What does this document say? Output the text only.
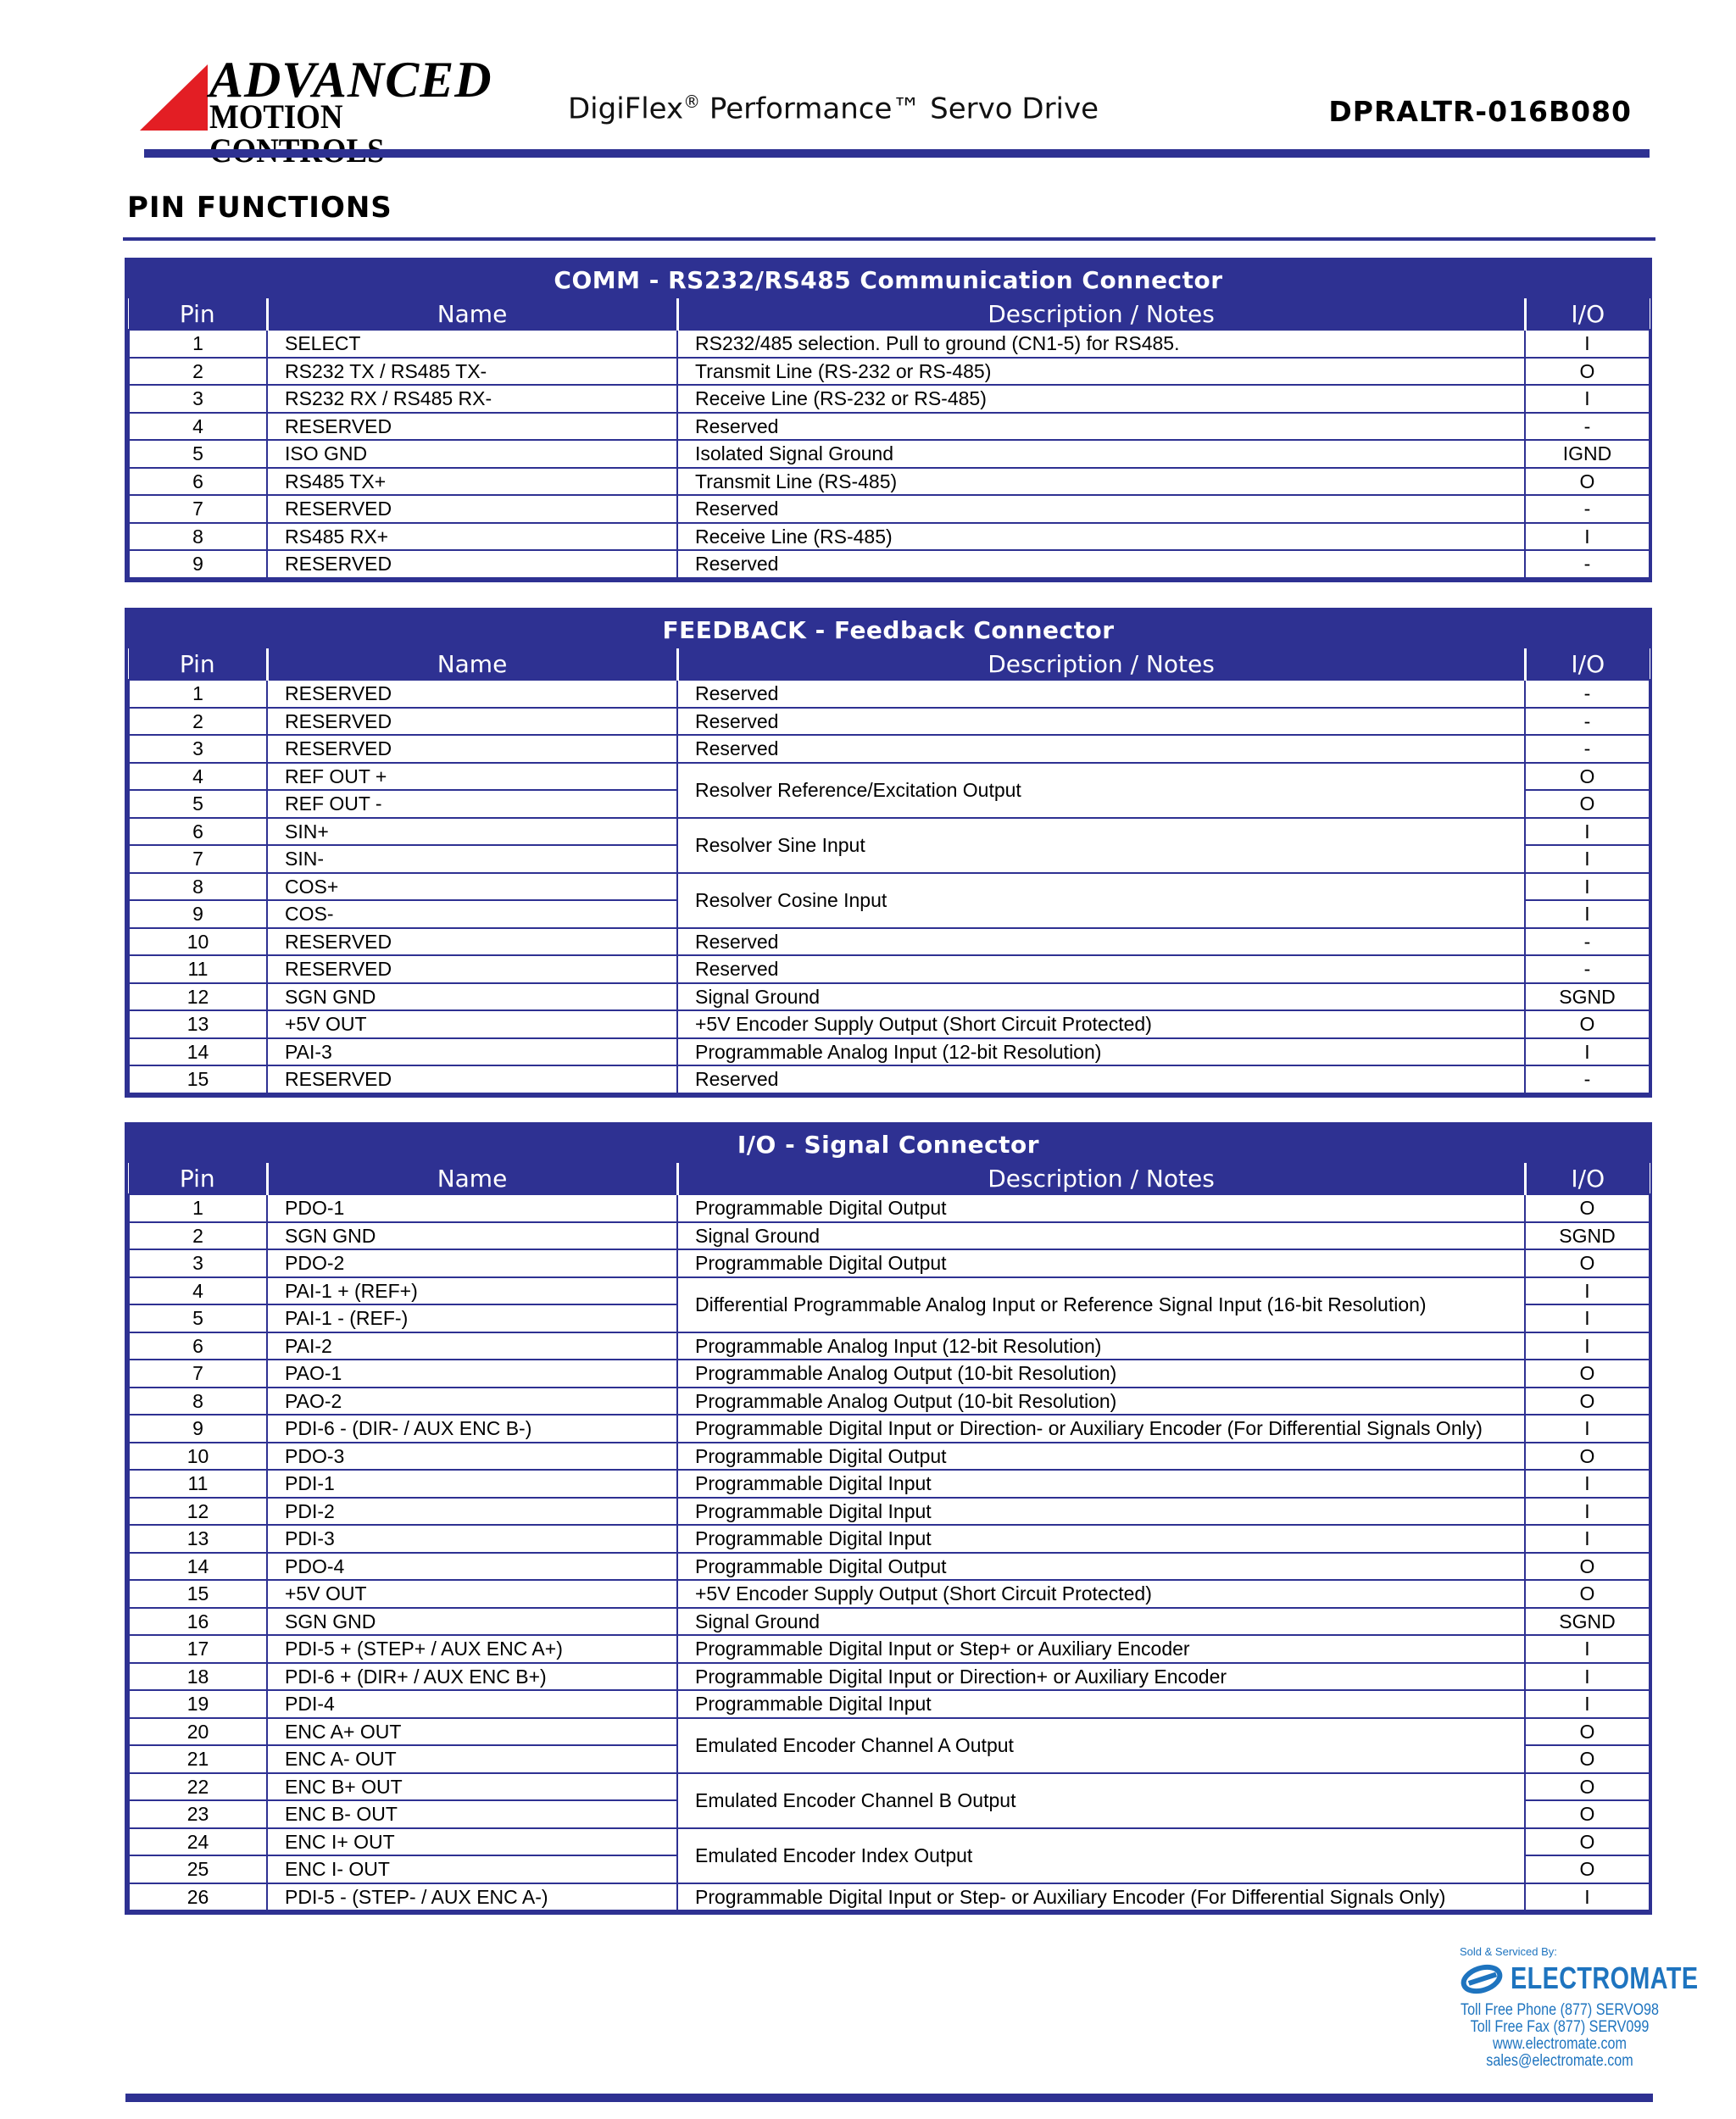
ADVANCED
MOTION	DigiFlex® Performance™ Servo Drive	DPRALTR-016B080
PIN FUNCTIONS
COMM - RS232/RS485 Communication Connector
Pin	Name	Description / Notes	I/O
1	SELECT	RS232/485 selection. Pull to ground (CN1-5) for RS485.	I
2	RS232 TX / RS485 TX-	Transmit Line (RS-232 or RS-485)	O
3	RS232 RX / RS485 RX-	Receive Line (RS-232 or RS-485)	I
4	RESERVED	Reserved	-
5	ISO GND	Isolated Signal Ground	IGND
6	RS485 TX+	Transmit Line (RS-485)	O
7	RESERVED	Reserved	-
8	RS485 RX+	Receive Line (RS-485)	I
9	RESERVED	Reserved	-
FEEDBACK - Feedback Connector
Pin	Name	Description / Notes	I/O
1	RESERVED	Reserved	-
2	RESERVED	Reserved	-
3	RESERVED	Reserved	-
4	REF OUT +	Resolver Reference/Excitation Output	O
5	REF OUT -		O
6	SIN+	Resolver Sine Input	I
7	SIN-		I
8	COS+	Resolver Cosine Input	I
9	COS-		I
10	RESERVED	Reserved	-
11	RESERVED	Reserved	-
12	SGN GND	Signal Ground	SGND
13	+5V OUT	+5V Encoder Supply Output (Short Circuit Protected)	O
14	PAI-3	Programmable Analog Input (12-bit Resolution)	I
15	RESERVED	Reserved	-
I/O - Signal Connector
Pin	Name	Description / Notes	I/O
1	PDO-1	Programmable Digital Output	O
2	SGN GND	Signal Ground	SGND
3	PDO-2	Programmable Digital Output	O
4	PAI-1 + (REF+)	Differential Programmable Analog Input or Reference Signal Input (16-bit Resolution)	I
5	PAI-1 - (REF-)		I
6	PAI-2	Programmable Analog Input (12-bit Resolution)	I
7	PAO-1	Programmable Analog Output (10-bit Resolution)	O
8	PAO-2	Programmable Analog Output (10-bit Resolution)	O
9	PDI-6 - (DIR- / AUX ENC B-)	Programmable Digital Input or Direction- or Auxiliary Encoder (For Differential Signals Only)	I
10	PDO-3	Programmable Digital Output	O
11	PDI-1	Programmable Digital Input	I
12	PDI-2	Programmable Digital Input	I
13	PDI-3	Programmable Digital Input	I
14	PDO-4	Programmable Digital Output	O
15	+5V OUT	+5V Encoder Supply Output (Short Circuit Protected)	O
16	SGN GND	Signal Ground	SGND
17	PDI-5 + (STEP+ / AUX ENC A+)	Programmable Digital Input or Step+ or Auxiliary Encoder	I
18	PDI-6 + (DIR+ / AUX ENC B+)	Programmable Digital Input or Direction+ or Auxiliary Encoder	I
19	PDI-4	Programmable Digital Input	I
20	ENC A+ OUT	Emulated Encoder Channel A Output	O
21	ENC A- OUT		O
22	ENC B+ OUT	Emulated Encoder Channel B Output	O
23	ENC B- OUT		O
24	ENC I+ OUT	Emulated Encoder Index Output	O
25	ENC I- OUT		O
26	PDI-5 - (STEP- / AUX ENC A-)	Programmable Digital Input or Step- or Auxiliary Encoder (For Differential Signals Only)	I
Sold & Serviced By:
ELECTROMATE
Toll Free Phone (877) SERVO98
Toll Free Fax (877) SERV099
www.electromate.com
sales@electromate.com
